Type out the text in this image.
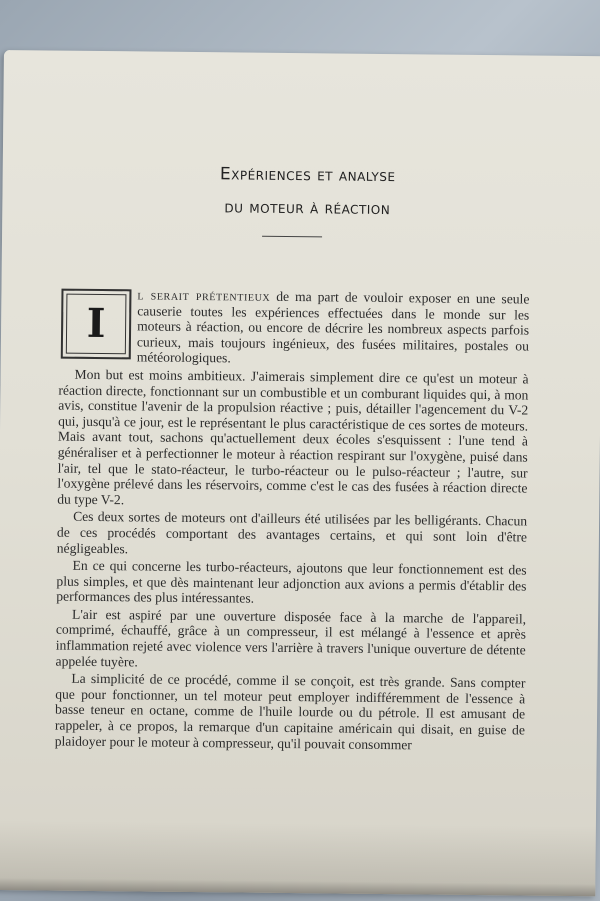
Expériences et analyse
du moteur à réaction

I
l serait prétentieux de ma part de vouloir exposer en une seule causerie toutes les expériences effectuées dans le monde sur les moteurs à réaction, ou encore de décrire les nombreux aspects parfois curieux, mais toujours ingénieux, des fusées militaires, postales ou météorologiques.

Mon but est moins ambitieux. J'aimerais simplement dire ce qu'est un moteur à réaction directe, fonctionnant sur un combustible et un comburant liquides qui, à mon avis, constitue l'avenir de la propulsion réactive ; puis, détailler l'agencement du V-2 qui, jusqu'à ce jour, est le représentant le plus caractéristique de ces sortes de moteurs. Mais avant tout, sachons qu'actuellement deux écoles s'esquissent : l'une tend à généraliser et à perfectionner le moteur à réaction respirant sur l'oxygène, puisé dans l'air, tel que le stato-réacteur, le turbo-réacteur ou le pulso-réacteur ; l'autre, sur l'oxygène prélevé dans les réservoirs, comme c'est le cas des fusées à réaction directe du type V-2.

Ces deux sortes de moteurs ont d'ailleurs été utilisées par les belligérants. Chacun de ces procédés comportant des avantages certains, et qui sont loin d'être négligeables.

En ce qui concerne les turbo-réacteurs, ajoutons que leur fonctionnement est des plus simples, et que dès maintenant leur adjonction aux avions a permis d'établir des performances des plus intéressantes.

L'air est aspiré par une ouverture disposée face à la marche de l'appareil, comprimé, échauffé, grâce à un compresseur, il est mélangé à l'essence et après inflammation rejeté avec violence vers l'arrière à travers l'unique ouverture de détente appelée tuyère.

La simplicité de ce procédé, comme il se conçoit, est très grande. Sans compter que pour fonctionner, un tel moteur peut employer indifféremment de l'essence à basse teneur en octane, comme de l'huile lourde ou du pétrole. Il est amusant de rappeler, à ce propos, la remarque d'un capitaine américain qui disait, en guise de plaidoyer pour le moteur à compresseur, qu'il pouvait consommer
